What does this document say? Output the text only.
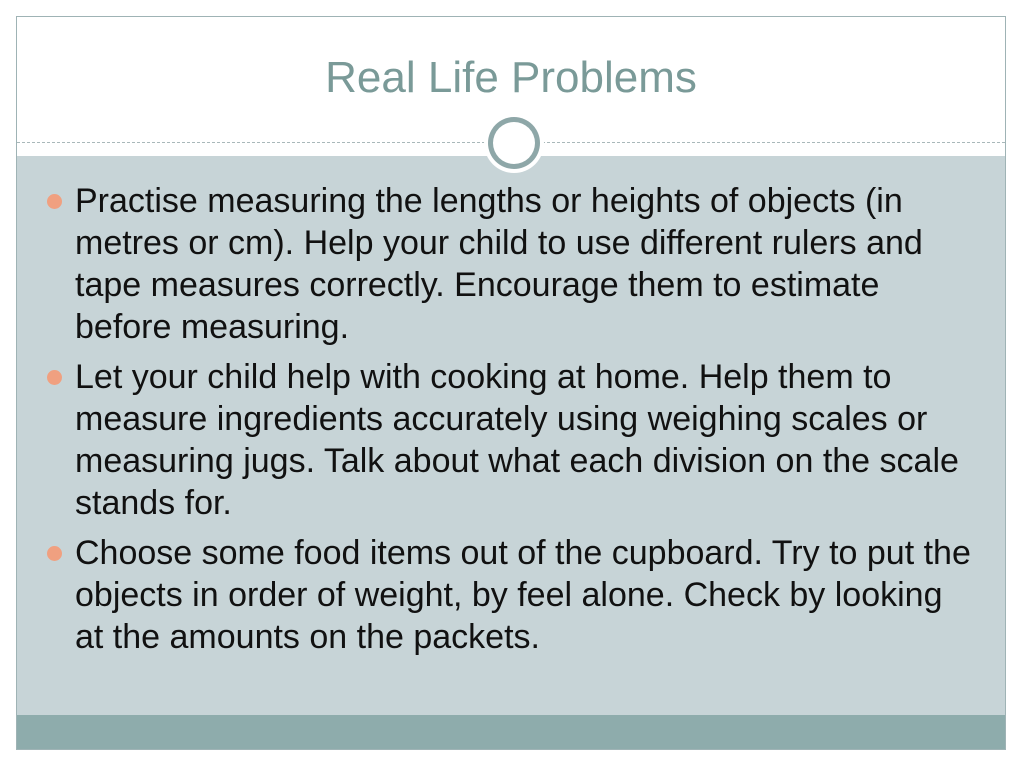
Real Life Problems
Practise measuring the lengths or heights of objects (in metres or cm). Help your child to use different rulers and tape measures correctly. Encourage them to estimate before measuring.
Let your child help with cooking at home. Help them to measure ingredients accurately using weighing scales or measuring jugs. Talk about what each division on the scale stands for.
Choose some food items out of the cupboard. Try to put the objects in order of weight, by feel alone. Check by looking at the amounts on the packets.
